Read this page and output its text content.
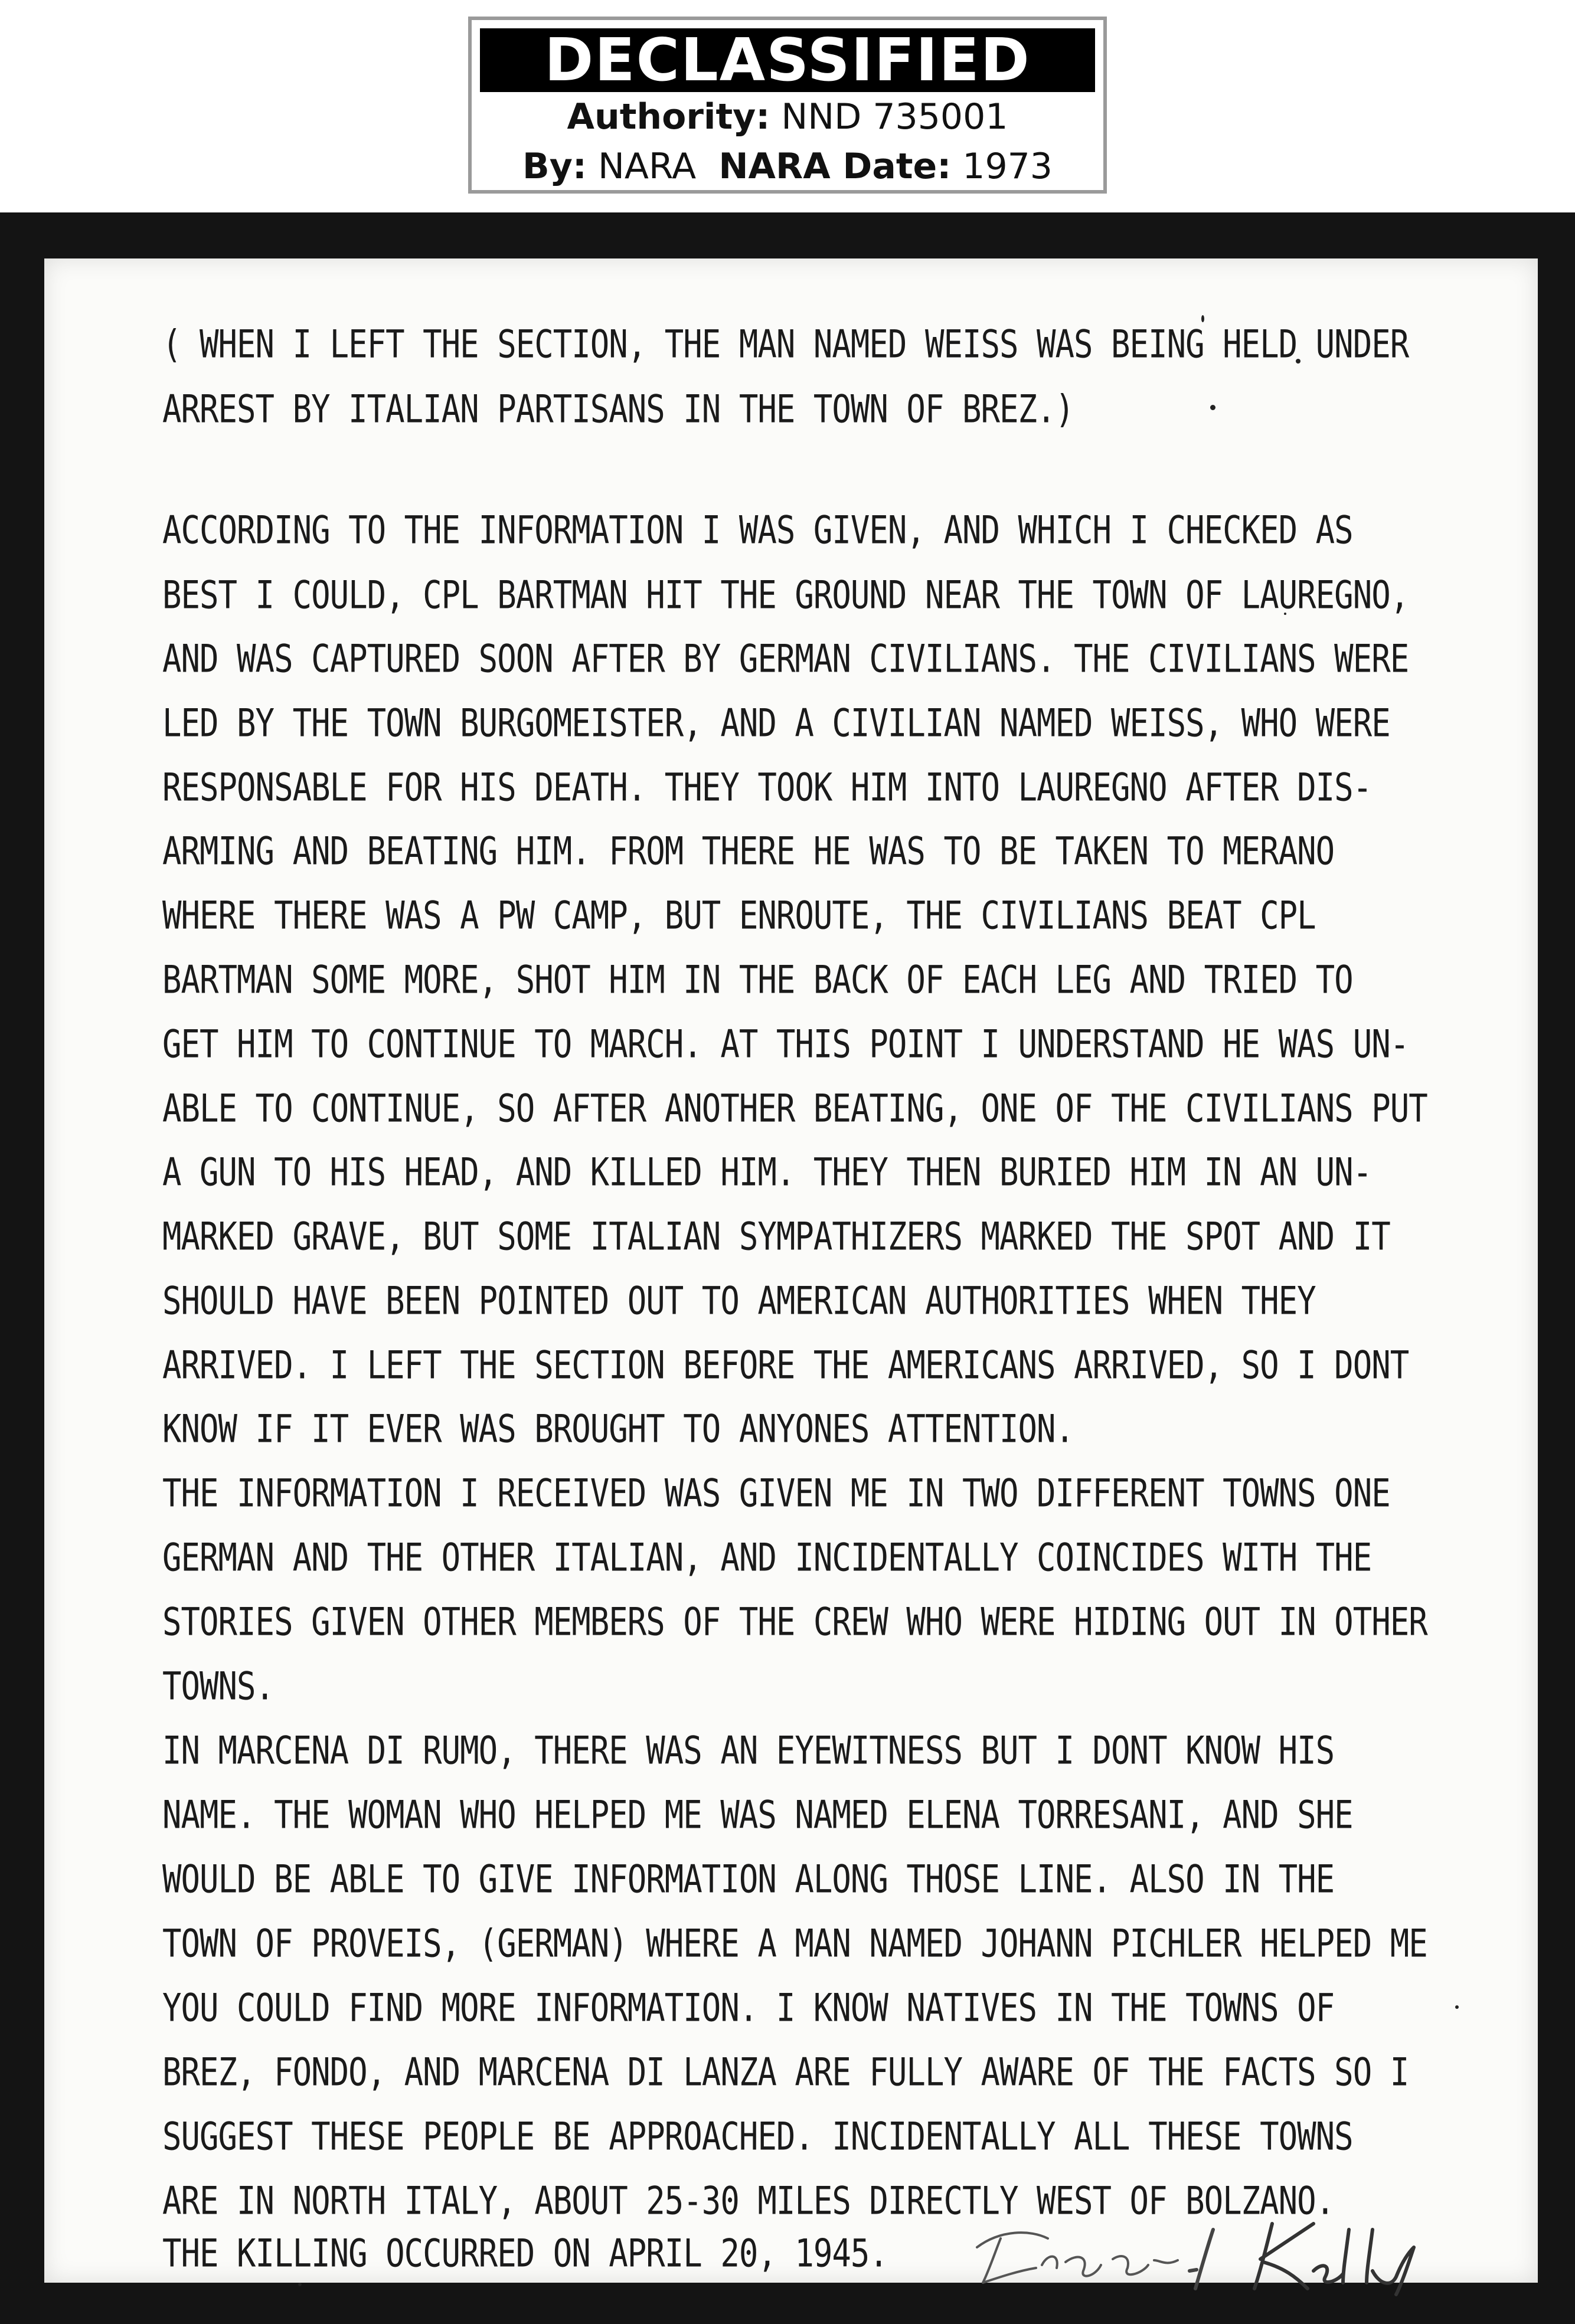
DECLASSIFIED
Authority: NND 735001
By: NARA NARA Date: 1973

( WHEN I LEFT THE SECTION, THE MAN NAMED WEISS WAS BEING HELD UNDER

ARREST BY ITALIAN PARTISANS IN THE TOWN OF BREZ.)

ACCORDING TO THE INFORMATION I WAS GIVEN, AND WHICH I CHECKED AS

BEST I COULD, CPL BARTMAN HIT THE GROUND NEAR THE TOWN OF LAUREGNO,

AND WAS CAPTURED SOON AFTER BY GERMAN CIVILIANS. THE CIVILIANS WERE

LED BY THE TOWN BURGOMEISTER, AND A CIVILIAN NAMED WEISS, WHO WERE

RESPONSABLE FOR HIS DEATH. THEY TOOK HIM INTO LAUREGNO AFTER DIS-

ARMING AND BEATING HIM. FROM THERE HE WAS TO BE TAKEN TO MERANO

WHERE THERE WAS A PW CAMP, BUT ENROUTE, THE CIVILIANS BEAT CPL

BARTMAN SOME MORE, SHOT HIM IN THE BACK OF EACH LEG AND TRIED TO

GET HIM TO CONTINUE TO MARCH. AT THIS POINT I UNDERSTAND HE WAS UN-

ABLE TO CONTINUE, SO AFTER ANOTHER BEATING, ONE OF THE CIVILIANS PUT

A GUN TO HIS HEAD, AND KILLED HIM. THEY THEN BURIED HIM IN AN UN-

MARKED GRAVE, BUT SOME ITALIAN SYMPATHIZERS MARKED THE SPOT AND IT

SHOULD HAVE BEEN POINTED OUT TO AMERICAN AUTHORITIES WHEN THEY

ARRIVED. I LEFT THE SECTION BEFORE THE AMERICANS ARRIVED, SO I DONT

KNOW IF IT EVER WAS BROUGHT TO ANYONES ATTENTION.

THE INFORMATION I RECEIVED WAS GIVEN ME IN TWO DIFFERENT TOWNS ONE

GERMAN AND THE OTHER ITALIAN, AND INCIDENTALLY COINCIDES WITH THE

STORIES GIVEN OTHER MEMBERS OF THE CREW WHO WERE HIDING OUT IN OTHER

TOWNS.

IN MARCENA DI RUMO, THERE WAS AN EYEWITNESS BUT I DONT KNOW HIS

NAME. THE WOMAN WHO HELPED ME WAS NAMED ELENA TORRESANI, AND SHE

WOULD BE ABLE TO GIVE INFORMATION ALONG THOSE LINE. ALSO IN THE

TOWN OF PROVEIS, (GERMAN) WHERE A MAN NAMED JOHANN PICHLER HELPED ME

YOU COULD FIND MORE INFORMATION. I KNOW NATIVES IN THE TOWNS OF

BREZ, FONDO, AND MARCENA DI LANZA ARE FULLY AWARE OF THE FACTS SO I

SUGGEST THESE PEOPLE BE APPROACHED. INCIDENTALLY ALL THESE TOWNS

ARE IN NORTH ITALY, ABOUT 25-30 MILES DIRECTLY WEST OF BOLZANO.

THE KILLING OCCURRED ON APRIL 20, 1945.
